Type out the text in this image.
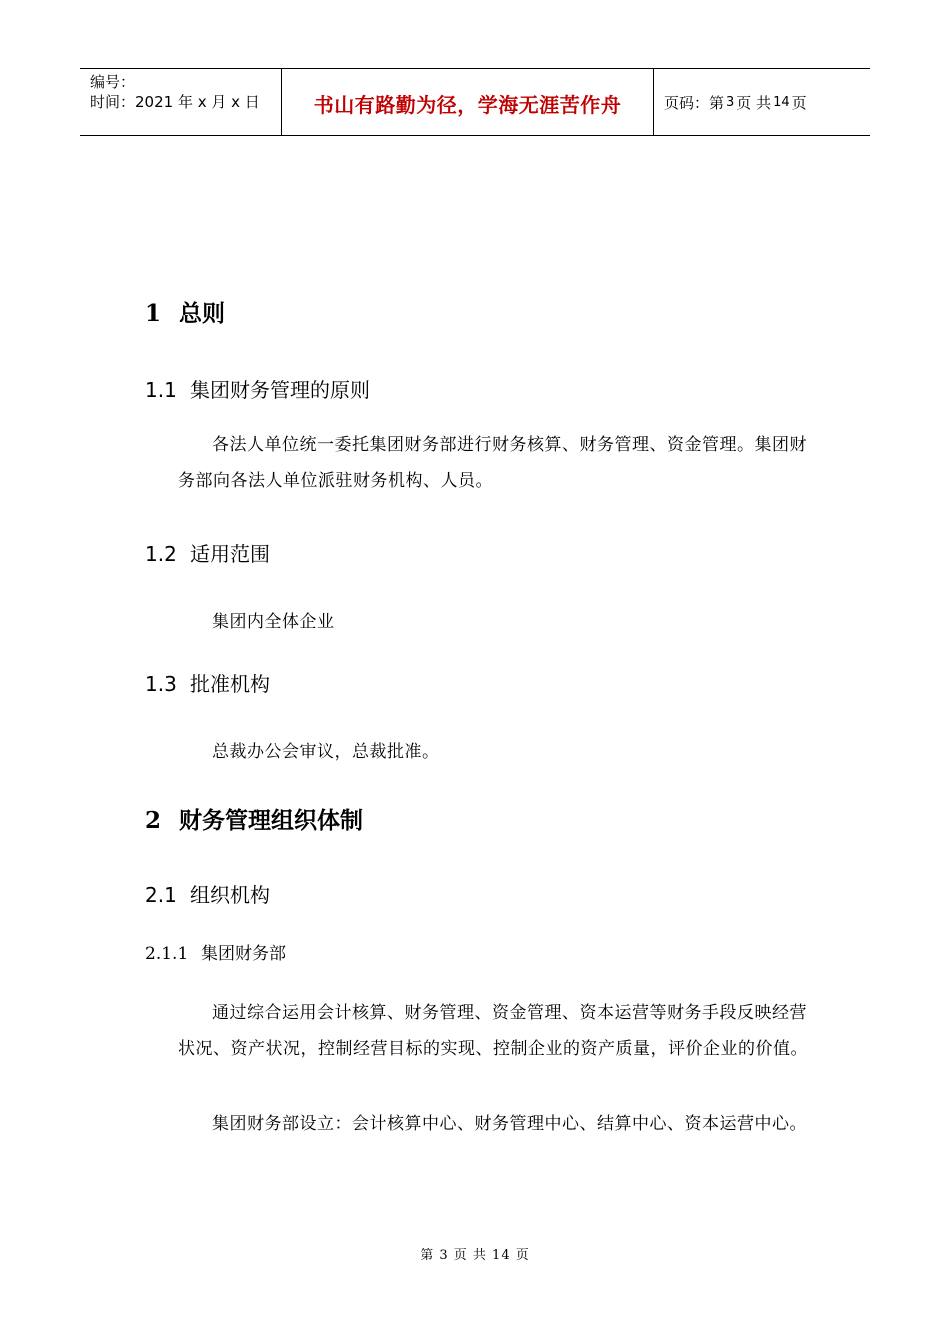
编号：
时间：2021 年 x 月 x 日	书山有路勤为径，学海无涯苦作舟	页码：第 3 页 共 14 页
1 总则
1.1 集团财务管理的原则

各法人单位统一委托集团财务部进行财务核算、财务管理、资金管理。集团财务部向各法人单位派驻财务机构、人员。

1.2 适用范围

集团内全体企业

1.3 批准机构

总裁办公会审议，总裁批准。

2 财务管理组织体制
2.1 组织机构
2.1.1 集团财务部

通过综合运用会计核算、财务管理、资金管理、资本运营等财务手段反映经营状况、资产状况，控制经营目标的实现、控制企业的资产质量，评价企业的价值。

集团财务部设立：会计核算中心、财务管理中心、结算中心、资本运营中心。

第 3 页 共 14 页
